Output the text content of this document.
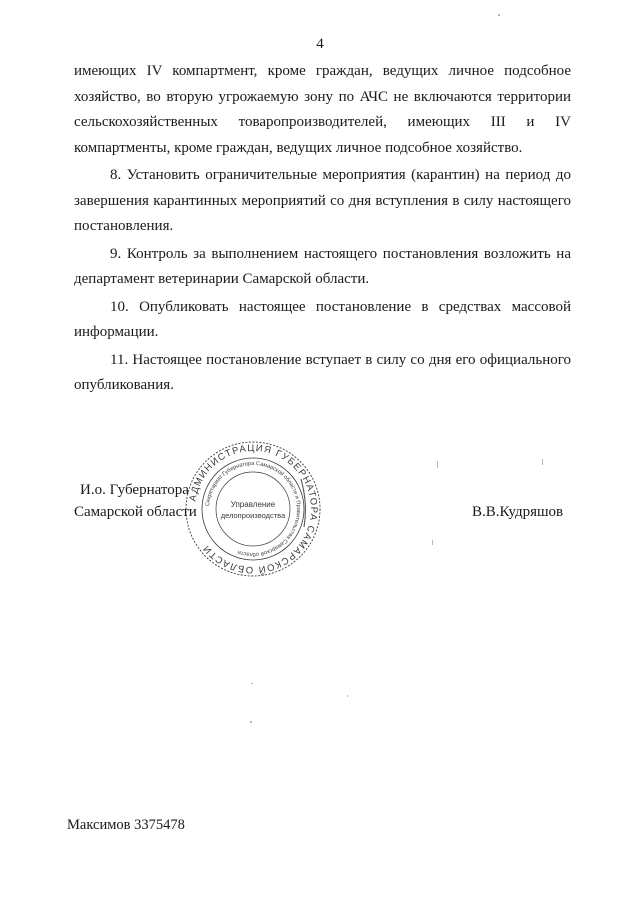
4

имеющих IV компартмент, кроме граждан, ведущих личное подсобное хозяйство, во вторую угрожаемую зону по АЧС не включаются территории сельскохозяйственных товаропроизводителей, имеющих III и IV компартменты, кроме граждан, ведущих личное подсобное хозяйство.

8. Установить ограничительные мероприятия (карантин) на период до завершения карантинных мероприятий со дня вступления в силу настоящего постановления.

9. Контроль за выполнением настоящего постановления возложить на департамент ветеринарии Самарской области.

10. Опубликовать настоящее постановление в средствах массовой информации.

11. Настоящее постановление вступает в силу со дня его официального опубликования.

И.о. Губернатора
Самарской области
АДМИНИСТРАЦИЯ ГУБЕРНАТОРА САМАРСКОЙ ОБЛАСТИ
Секретариат Губернатора Самарской области и Правительства Самарской области
Управление
делопроизводства	В.В.Кудряшов
Максимов 3375478
